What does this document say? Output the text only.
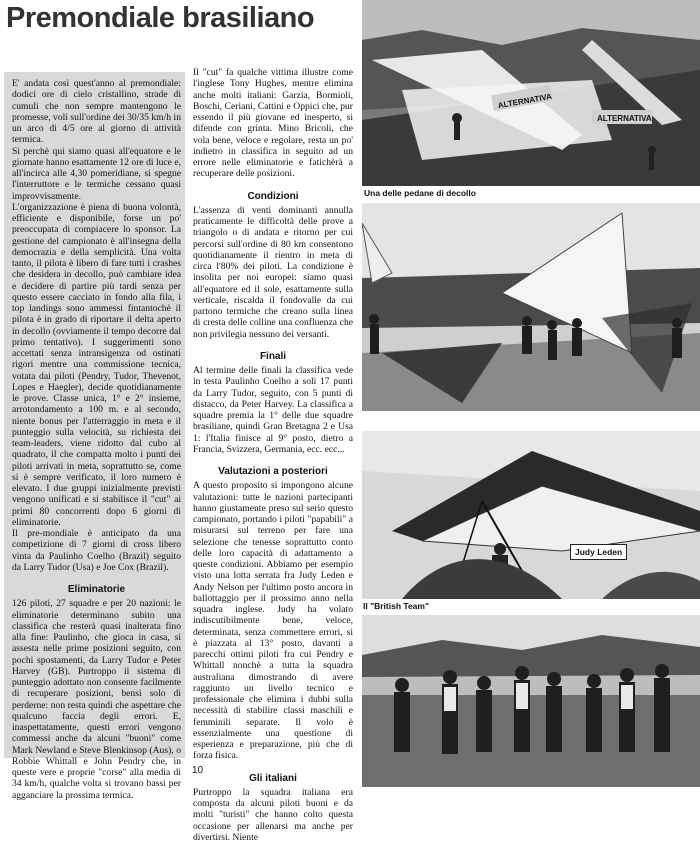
Premondiale brasiliano

E' andata così quest'anno al premondiale: dodici ore di cielo cristallino, strade di cumuli che non sempre mantengono le promesse, voli sull'ordine dei 30/35 km/h in un arco di 4/5 ore al giorno di attività termica.

Si perchè qui siamo quasi all'equatore e le giornate hanno esattamente 12 ore di luce e, all'incirca alle 4,30 pomeridiane, si spegne l'interruttore e le termiche cessano quasi improvvisamente.

L'organizzazione è piena di buona volontà, efficiente e disponibile, forse un po' preoccupata di compiacere lo sponsor. La gestione del campionato è all'insegna della democrazia e della semplicità. Una volta tanto, il pilota è libero di fare tutti i crashes che desidera in decollo, può cambiare idea e decidere di partire più tardi senza per questo essere cacciato in fondo alla fila, i top landings sono ammessi fintantochè il pilota è in grado di riportare il delta aperto in decollo (ovviamente il tempo decorre dal primo tentativo). I suggerimenti sono accettati senza intransigenza od ostinati rigori mentre una commissione tecnica, votata dai piloti (Pendry, Tudor, Thevenot, Lopes e Haegler), decide quotidianamente le prove. Classe unica, 1° e 2° insieme, arrotondamento a 100 m. e al secondo, niente bonus per l'atterraggio in meta e il punteggio sulla velocità, su richiesta dei team-leaders, viene ridotto dal cubo al quadrato, il che compatta molto i punti dei piloti arrivati in meta, soprattutto se, come si è sempre verificato, il loro numero è elevato. I due gruppi inizialmente previsti vengono unificati e si stabilisce il "cut" ai primi 80 concorrenti dopo 6 giorni di eliminatorie.

Il pre-mondiale è anticipato da una competizione di 7 giorni di cross libero vinta da Paulinho Coelho (Brazil) seguito da Larry Tudor (Usa) e Joe Cox (Brazil).

Eliminatorie

126 piloti, 27 squadre e per 20 nazioni: le eliminatorie determinano subito una classifica che resterà quasi inalterata fino alla fine: Paulinho, che gioca in casa, si assesta nelle prime posizioni seguito, con pochi spostamenti, da Larry Tudor e Peter Harvey (GB). Purtroppo il sistema di punteggio adottato non consente facilmente di recuperare posizioni, bensì solo di perderne: non resta quindi che aspettare che qualcuno faccia degli errori. E, inaspettatamente, questi errori vengono commessi anche da alcuni "buoni" come Mark Newland e Steve Blenkinsop (Aus), o Robbie Whittall e John Pendry che, in queste vere e proprie "corse" alla media di 34 km/h, qualche volta si trovano bassi per agganciare la prossima termica.

Il "cut" fa qualche vittima illustre come l'inglese Tony Hughes, mentre elimina anche molti italiani: Garzia, Bormioli, Boschi, Ceriani, Cattini e Oppici che, pur essendo il più giovane ed inesperto, si difende con grinta. Mino Bricoli, che vola bene, veloce e regolare, resta un po' indietro in classifica in seguito ad un errore nelle eliminatorie e fatichèrà a recuperare delle posizioni.

Condizioni

L'assenza di venti dominanti annulla praticamente le difficoltà delle prove a triangolo o di andata e ritorno per cui percorsi sull'ordine di 80 km consentono quotidianamente il rientro in meta di circa l'80% dei piloti. La condizione è insolita per noi europei: siamo quasi all'equatore ed il sole, esattamente sulla verticale, riscalda il fondovalle da cui partono termiche che creano sulla linea di cresta delle colline una confluenza che non privilegia nessuno dei versanti.

Finali

Al termine delle finali la classifica vede in testa Paulinho Coelho a soli 17 punti da Larry Tudor, seguito, con 5 punti di distacco, da Peter Harvey. La classifica a squadre premia la 1° delle due squadre brasiliane, quindi Gran Bretagna 2 e Usa 1: l'Italia finisce al 9° posto, dietro a Francia, Svizzera, Germania, ecc. ecc...

Valutazioni a posteriori

A questo proposito si impongono alcune valutazioni: tutte le nazioni partecipanti hanno giustamente preso sul serio questo campionato, portando i piloti "papabili" a misurarsi sul terreno per fare una selezione che tenesse soprattutto conto delle loro capacità di adattamento a queste condizioni. Abbiamo per esempio visto una lotta serrata fra Judy Leden e Andy Nelson per l'ultimo posto ancora in ballottaggio per il prossimo anno nella squadra inglese. Judy ha volato indiscutibilmente bene, veloce, determinata, senza commettere errori, si è piazzata al 13° posto, davanti a parecchi ottimi piloti fra cui Pendry e Whittall nonchè a tutta la squadra australiana dimostrando di avere raggiunto un livello tecnico e professionale che elimina i dubbi sulla necessità di stabilire classi maschili e femminili separate. Il volo è essenzialmente una questione di esperienza e preparazione, più che di forza fisica.

Gli italiani

Purtroppo la squadra italiana era composta da alcuni piloti buoni e da molti "turisti" che hanno colto questa occasione per allenarsi ma anche per divertirsi. Niente

ALTERNATIVA
ALTERNATIVA
Una delle pedane di decollo
Judy Leden
Il "British Team"
10
